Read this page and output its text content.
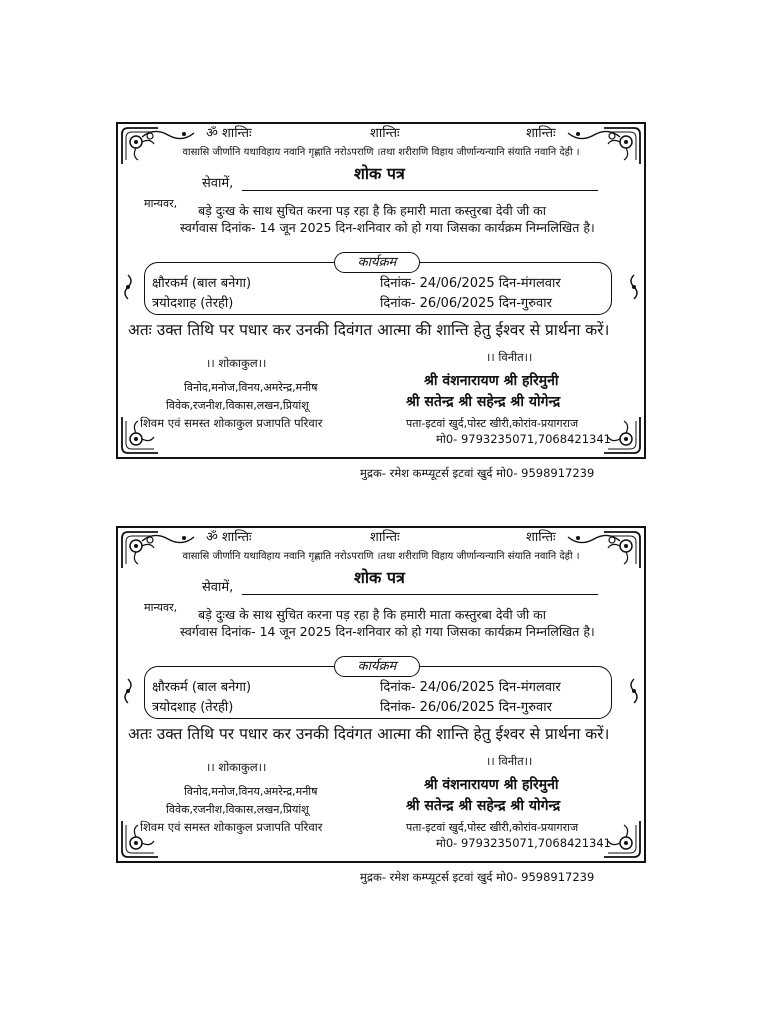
ॐ शान्तिः	शान्तिः	शान्तिः
वासासि जीर्णानि यथाविहाय नवानि गृह्णाति नरोऽपराणि ।तथा शरीराणि विहाय जीर्णान्यन्यानि संयाति नवानि देही ।
सेवामें,
शोक पत्र
मान्यवर, बड़े दुःख के साथ सुचित करना पड़ रहा है कि हमारी माता कस्तुरबा देवी जी का
स्वर्गवास दिनांक- 14 जून 2025 दिन-शनिवार को हो गया जिसका कार्यक्रम निम्नलिखित है।
कार्यक्रम
क्षौरकर्म (बाल बनेगा)	दिनांक- 24/06/2025 दिन-मंगलवार
त्रयोदशाह (तेरही)	दिनांक- 26/06/2025 दिन-गुरुवार
अतः उक्त तिथि पर पधार कर उनकी दिवंगत आत्मा की शान्ति हेतु ईश्वर से प्रार्थना करें।
।। शोकाकुल।।	।। विनीत।।
विनोद,मनोज,विनय,अमरेन्द्र,मनीष
विवेक,रजनीश,विकास,लखन,प्रियांशू
शिवम एवं समस्त शोकाकुल प्रजापति परिवार
श्री वंशनारायण श्री हरिमुनी
श्री सतेन्द्र श्री सहेन्द्र श्री योगेन्द्र
पता-इटवां खुर्द,पोस्ट खीरी,कोरांव-प्रयागराज
मो0- 9793235071,7068421341
मुद्रक- रमेश कम्प्यूटर्स इटवां खुर्द मो0- 9598917239
ॐ शान्तिः	शान्तिः	शान्तिः
वासासि जीर्णानि यथाविहाय नवानि गृह्णाति नरोऽपराणि ।तथा शरीराणि विहाय जीर्णान्यन्यानि संयाति नवानि देही ।
सेवामें,
शोक पत्र
मान्यवर, बड़े दुःख के साथ सुचित करना पड़ रहा है कि हमारी माता कस्तुरबा देवी जी का
स्वर्गवास दिनांक- 14 जून 2025 दिन-शनिवार को हो गया जिसका कार्यक्रम निम्नलिखित है।
कार्यक्रम
क्षौरकर्म (बाल बनेगा)	दिनांक- 24/06/2025 दिन-मंगलवार
त्रयोदशाह (तेरही)	दिनांक- 26/06/2025 दिन-गुरुवार
अतः उक्त तिथि पर पधार कर उनकी दिवंगत आत्मा की शान्ति हेतु ईश्वर से प्रार्थना करें।
।। शोकाकुल।।	।। विनीत।।
विनोद,मनोज,विनय,अमरेन्द्र,मनीष
विवेक,रजनीश,विकास,लखन,प्रियांशू
शिवम एवं समस्त शोकाकुल प्रजापति परिवार
श्री वंशनारायण श्री हरिमुनी
श्री सतेन्द्र श्री सहेन्द्र श्री योगेन्द्र
पता-इटवां खुर्द,पोस्ट खीरी,कोरांव-प्रयागराज
मो0- 9793235071,7068421341
मुद्रक- रमेश कम्प्यूटर्स इटवां खुर्द मो0- 9598917239
